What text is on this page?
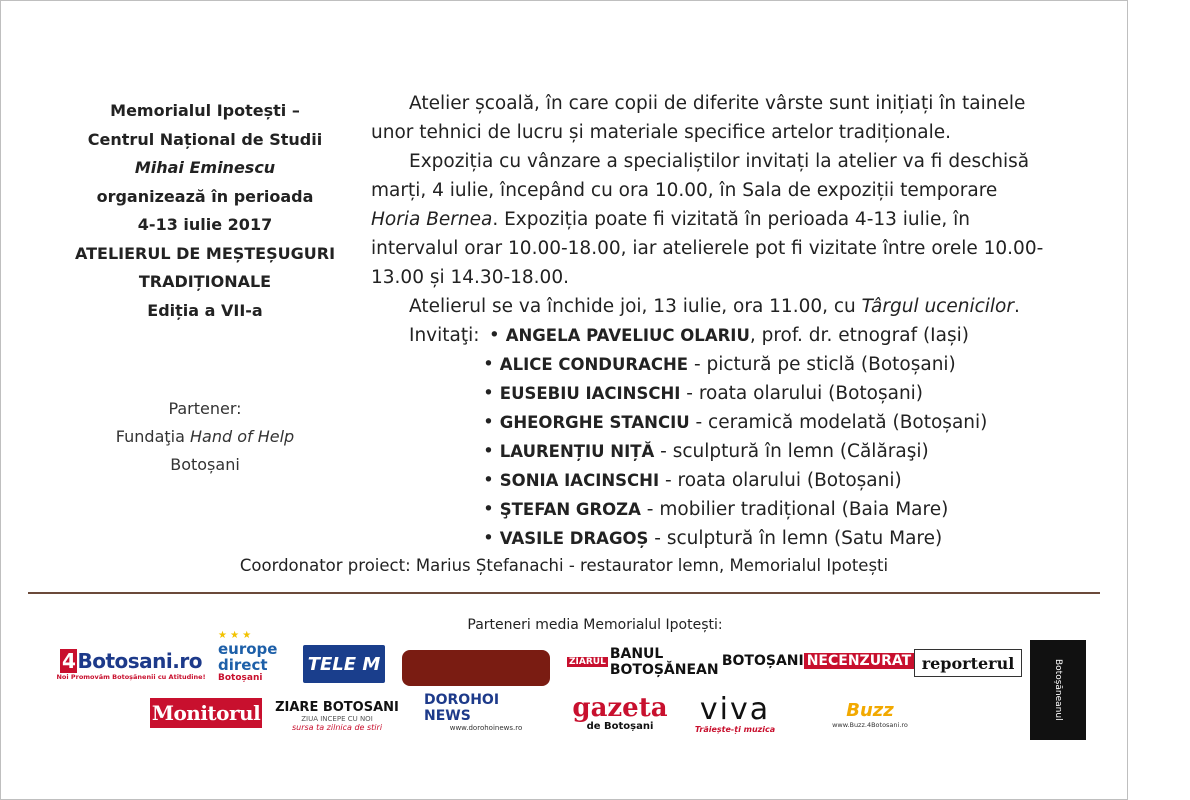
Memorialul Ipotești –
Centrul Național de Studii
Mihai Eminescu
organizează în perioada
4-13 iulie 2017
ATELIERUL DE MEȘTEȘUGURI
TRADIȚIONALE
Ediția a VII-a
Partener:
Fundaţia Hand of Help
Botoșani

Atelier școală, în care copii de diferite vârste sunt inițiați în tainele unor tehnici de lucru și materiale specifice artelor tradiționale.

Expoziția cu vânzare a specialiștilor invitați la atelier va fi deschisă marți, 4 iulie, începând cu ora 10.00, în Sala de expoziții temporare Horia Bernea. Expoziția poate fi vizitată în perioada 4-13 iulie, în intervalul orar 10.00-18.00, iar atelierele pot fi vizitate între orele 10.00-13.00 și 14.30-18.00.

Atelierul se va închide joi, 13 iulie, ora 11.00, cu Târgul ucenicilor.

Invitaţi: • ANGELA PAVELIUC OLARIU, prof. dr. etnograf (Iași)
• ALICE CONDURACHE - pictură pe sticlă (Botoșani)
• EUSEBIU IACINSCHI - roata olarului (Botoșani)
• GHEORGHE STANCIU - ceramică modelată (Botoșani)
• LAURENȚIU NIȚĂ - sculptură în lemn (Călăraşi)
• SONIA IACINSCHI - roata olarului (Botoșani)
• ŞTEFAN GROZA - mobilier tradițional (Baia Mare)
• VASILE DRAGOȘ - sculptură în lemn (Satu Mare)
Coordonator proiect: Marius Ștefanachi - restaurator lemn, Memorialul Ipotești
Parteneri media Memorialul Ipotești:
4 Botosani.ro
Noi Promovăm Botoșănenii cu Atitudine!
★ ★ ★
europe direct
Botoșani
TELE M	ZIARUL BANUL BOTOȘĂNEAN
BOTOȘANI NECENZURAT reporterul	Botoșăneanul
Monitorul ZIARE BOTOSANI
ZIUA INCEPE CU NOI
sursa ta zilnica de stiri
DOROHOI NEWS
www.dorohoinews.ro
gazeta
de Botoșani viva
Trăiește-ți muzica
Buzz
www.Buzz.4Botosani.ro
